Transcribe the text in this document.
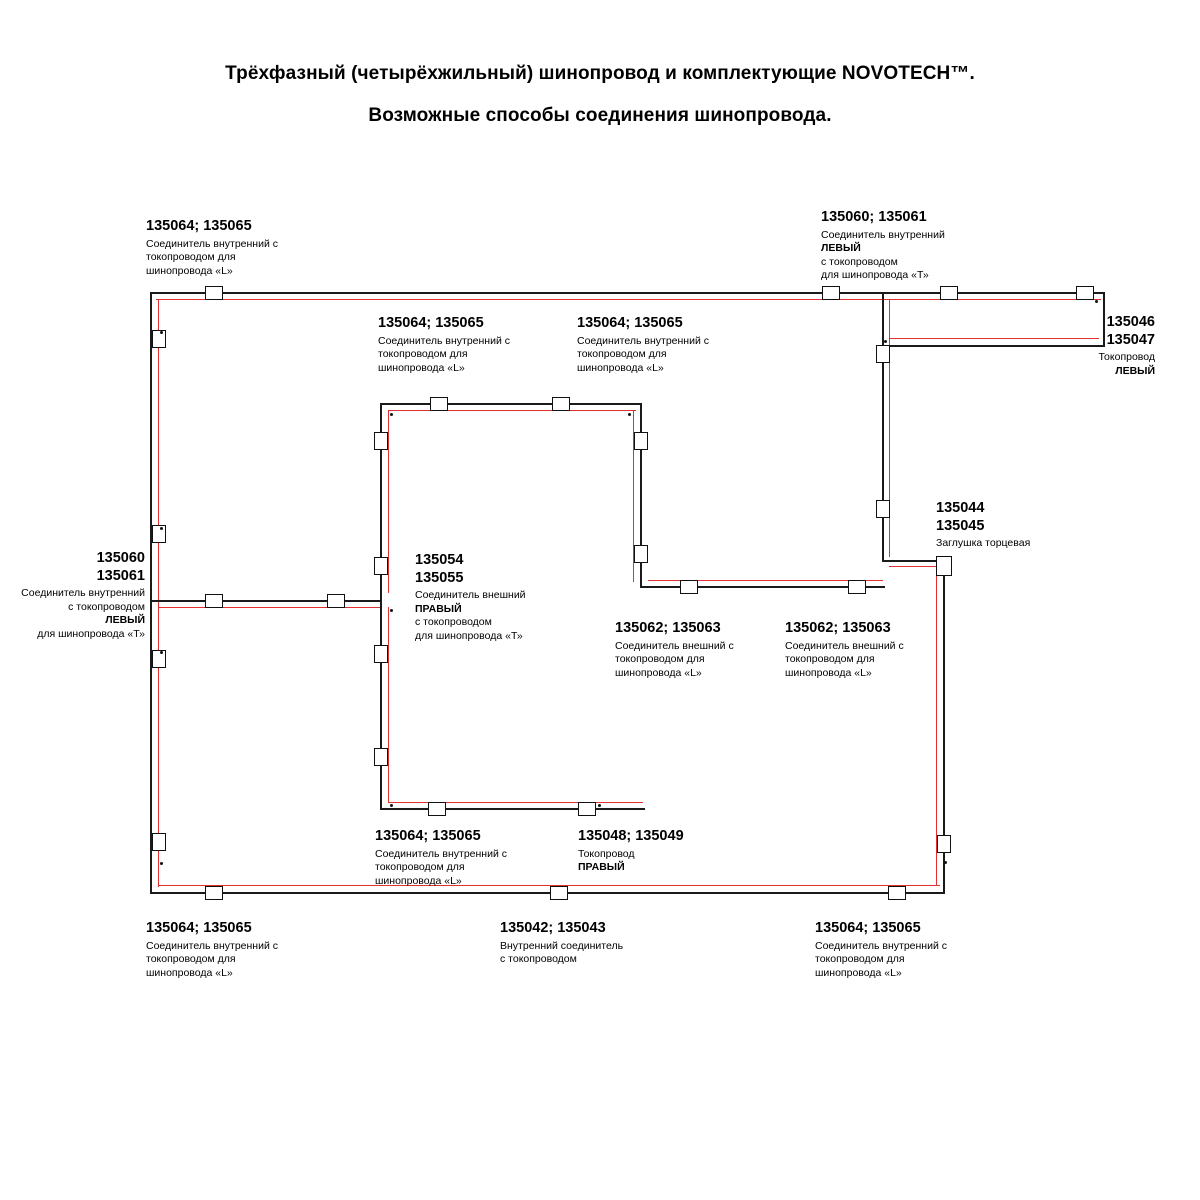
Трёхфазный (четырёхжильный) шинопровод и комплектующие NOVOTECH™.
Возможные способы соединения шинопровода.
135064; 135065
Соединитель внутренний с
токопроводом для
шинопровода «L»
135060; 135061
Соединитель внутренний
ЛЕВЫЙ
с токопроводом
для шинопровода «Т»
135064; 135065
Соединитель внутренний с
токопроводом для
шинопровода «L»
135064; 135065
Соединитель внутренний с
токопроводом для
шинопровода «L»
135046
135047
Токопровод
ЛЕВЫЙ
135044
135045
Заглушка торцевая
135060
135061
Соединитель внутренний
с токопроводом
ЛЕВЫЙ
для шинопровода «Т»
135054
135055
Соединитель внешний
ПРАВЫЙ
с токопроводом
для шинопровода «Т»	135062; 135063
Соединитель внешний с
токопроводом для
шинопровода «L»
135062; 135063
Соединитель внешний с
токопроводом для
шинопровода «L»
135064; 135065
Соединитель внутренний с
токопроводом для
шинопровода «L»
135048; 135049
Токопровод
ПРАВЫЙ
135064; 135065
Соединитель внутренний с
токопроводом для
шинопровода «L»
135042; 135043
Внутренний соединитель
с токопроводом
135064; 135065
Соединитель внутренний с
токопроводом для
шинопровода «L»
